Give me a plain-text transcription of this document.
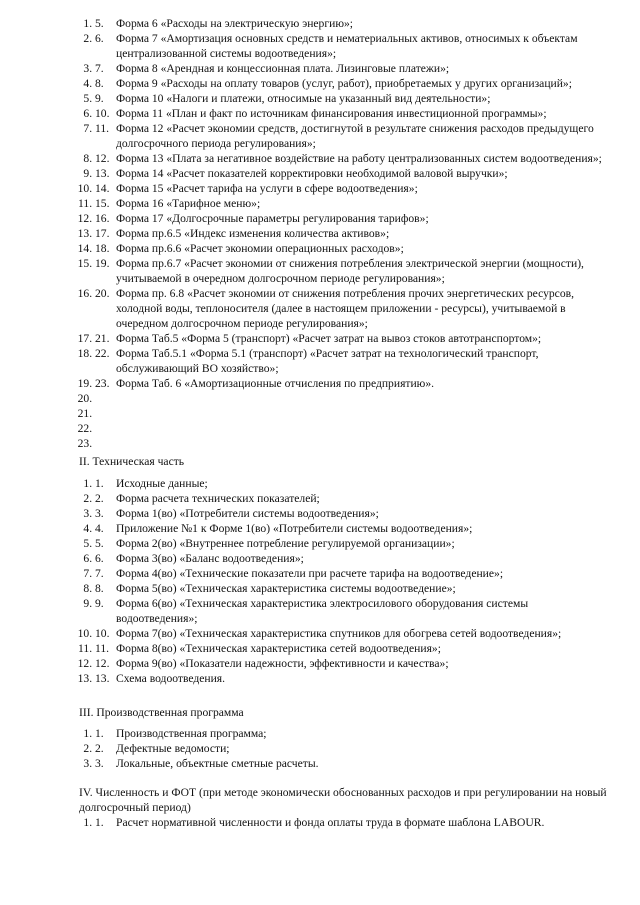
1. 5. Форма 6 «Расходы на электрическую энергию»;
2. 6. Форма 7 «Амортизация основных средств и нематериальных активов, относимых к объектам централизованной системы водоотведения»;
3. 7. Форма 8 «Арендная и концессионная плата. Лизинговые платежи»;
4. 8. Форма 9 «Расходы на оплату товаров (услуг, работ), приобретаемых у других организаций»;
5. 9. Форма 10 «Налоги и платежи, относимые на указанный вид деятельности»;
6. 10. Форма 11 «План и факт по источникам финансирования инвестиционной программы»;
7. 11. Форма 12 «Расчет экономии средств, достигнутой в результате снижения расходов предыдущего долгосрочного периода регулирования»;
8. 12. Форма 13 «Плата за негативное воздействие на работу централизованных систем водоотведения»;
9. 13. Форма 14 «Расчет показателей корректировки необходимой валовой выручки»;
10. 14. Форма 15 «Расчет тарифа на услуги в сфере водоотведения»;
11. 15. Форма 16 «Тарифное меню»;
12. 16. Форма 17 «Долгосрочные параметры регулирования тарифов»;
13. 17. Форма пр.6.5 «Индекс изменения количества активов»;
14. 18. Форма пр.6.6 «Расчет экономии операционных расходов»;
15. 19. Форма пр.6.7 «Расчет экономии от снижения потребления электрической энергии (мощности), учитываемой в очередном долгосрочном периоде регулирования»;
16. 20. Форма пр. 6.8 «Расчет экономии от снижения потребления прочих энергетических ресурсов, холодной воды, теплоносителя (далее в настоящем приложении - ресурсы), учитываемой в очередном долгосрочном периоде регулирования»;
17. 21. Форма Таб.5 «Форма 5 (транспорт) «Расчет затрат на вывоз стоков автотранспортом»;
18. 22. Форма Таб.5.1 «Форма 5.1 (транспорт) «Расчет затрат на технологический транспорт, обслуживающий ВО хозяйство»;
19. 23. Форма Таб. 6 «Амортизационные отчисления по предприятию».
20.
21.
22.
23.
II. Техническая часть
1. 1. Исходные данные;
2. 2. Форма расчета технических показателей;
3. 3. Форма 1(во) «Потребители системы водоотведения»;
4. 4. Приложение №1 к Форме 1(во) «Потребители системы водоотведения»;
5. 5. Форма 2(во) «Внутреннее потребление регулируемой организации»;
6. 6. Форма 3(во) «Баланс водоотведения»;
7. 7. Форма 4(во) «Технические показатели при расчете тарифа на водоотведение»;
8. 8. Форма 5(во) «Техническая характеристика системы водоотведение»;
9. 9. Форма 6(во) «Техническая характеристика электросилового оборудования системы водоотведения»;
10. 10. Форма 7(во) «Техническая характеристика спутников для обогрева сетей водоотведения»;
11. 11. Форма 8(во) «Техническая характеристика сетей водоотведения»;
12. 12. Форма 9(во) «Показатели надежности, эффективности и качества»;
13. 13. Схема водоотведения.
III. Производственная программа
1. 1. Производственная программа;
2. 2. Дефектные ведомости;
3. 3. Локальные, объектные сметные расчеты.
IV. Численность и ФОТ (при методе экономически обоснованных расходов и при регулировании на новый долгосрочный период)
1. 1. Расчет нормативной численности и фонда оплаты труда в формате шаблона LABOUR.
